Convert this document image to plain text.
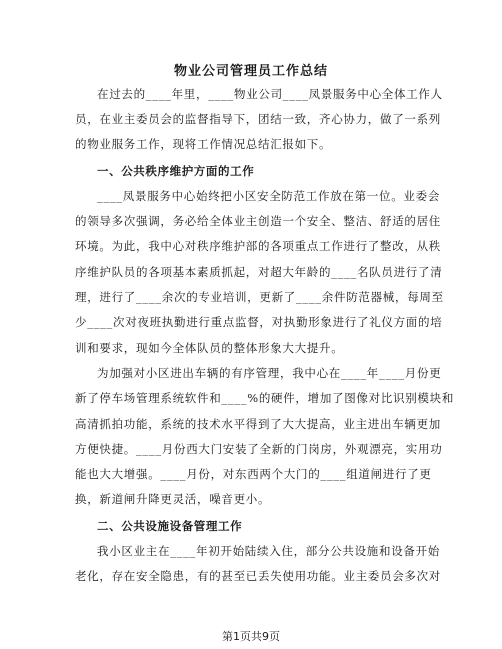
物业公司管理员工作总结
在过去的____年里，____物业公司____凤景服务中心全体工作人
员，在业主委员会的监督指导下，团结一致，齐心协力，做了一系列
的物业服务工作，现将工作情况总结汇报如下。
一、公共秩序维护方面的工作
____凤景服务中心始终把小区安全防范工作放在第一位。业委会
的领导多次强调，务必给全体业主创造一个安全、整洁、舒适的居住
环境。为此，我中心对秩序维护部的各项重点工作进行了整改，从秩
序维护队员的各项基本素质抓起，对超大年龄的____名队员进行了清
理，进行了____余次的专业培训，更新了____余件防范器械，每周至
少____次对夜班执勤进行重点监督，对执勤形象进行了礼仪方面的培
训和要求，现如今全体队员的整体形象大大提升。
为加强对小区进出车辆的有序管理，我中心在____年____月份更
新了停车场管理系统软件和____%的硬件，增加了图像对比识别模块和
高清抓拍功能，系统的技术水平得到了大大提高，业主进出车辆更加
方便快捷。____月份西大门安装了全新的门岗房，外观漂亮，实用功
能也大大增强。____月份，对东西两个大门的____组道闸进行了更
换，新道闸升降更灵活，噪音更小。
二、公共设施设备管理工作
我小区业主在____年初开始陆续入住，部分公共设施和设备开始
老化，存在安全隐患，有的甚至已丢失使用功能。业主委员会多次对
第1页共9页
